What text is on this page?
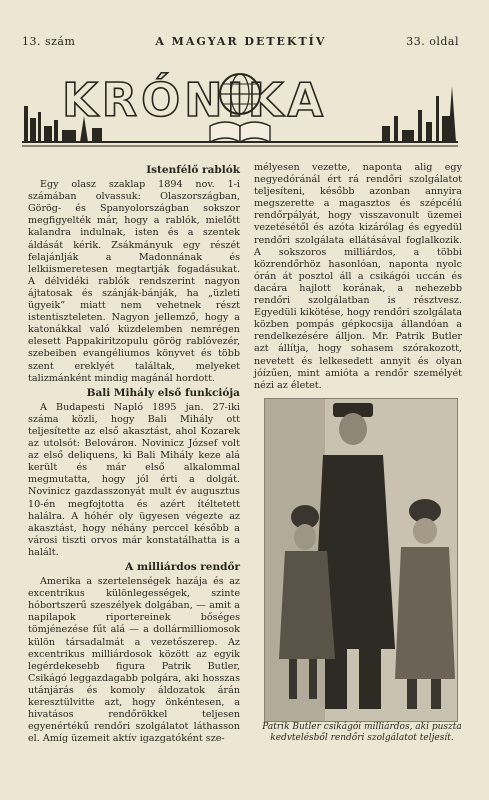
13. szám	A MAGYAR DETEKTÍV	33. oldal
KRÓNIKA
Istenfélő rablók

Egy olasz szaklap 1894 nov. 1-i számában olvassuk: Olaszországban, Görög- és Spanyolországban sokszor megfigyelték már, hogy a rablók, mielőtt kalandra indulnak, isten és a szentek áldását kérik. Zsákmányuk egy részét felajánlják a Madonnának és lelkiismeretesen megtartják fogadásukat. A délvidéki rablók rendszerint nagyon ájtatosak és szánják-bánják, ha „üzleti ügyeik” miatt nem vehetnek részt istentiszteleten. Nagyon jellemző, hogy a katonákkal való küzdelemben nemrégen elesett Pappakiritzopulu görög rablóvezér, szebeiben evangéliumos könyvet és több szent ereklyét találtak, melyeket talizmánként mindig magánál hordott.

Bali Mihály első funkciója

A Budapesti Napló 1895 jan. 27-iki száma közli, hogy Bali Mihály ott teljesítette az első akasztást, ahol Kozarek az utolsót: Belovárон. Novinicz József volt az első deliquens, ki Bali Mihály keze alá került és már első alkalommal megmutatta, hogy jól érti a dolgát. Novinicz gazdasszonyát mult év augusztus 10-én megfojtotta és azért ítéltetett halálra. A hóhér oly ügyesen végezte az akasztást, hogy néhány perccel később a városi tiszti orvos már konstatálhatta is a halált.

A milliárdos rendőr

Amerika a szertelenségek hazája és az excentrikus különlegességek, szinte hóbortszerű szeszélyek dolgában, — amit a napilapok riportereinek bőséges tömjénezése fűt alá — a dollármilliomosok külön társadalmát a vezetőszerep. Az excentrikus milliárdosok között az egyik legérdekesebb figura Patrik Butler, Csikágó leggazdagabb polgára, aki hosszas utánjárás és komoly áldozatok árán keresztülvitte azt, hogy önkéntesen, a hivatásos rendőrökkel teljesen egyenértékű rendőri szolgálatot láthasson el. Amíg üzemeit aktív igazgatóként sze-

mélyesen vezette, naponta alig egy negyedóránál ért rá rendőri szolgálatot teljesíteni, később azonban annyira megszerette a magasztos és szépcélú rendőrpályát, hogy visszavonult üzemei vezetésétől és azóta kizárólag és egyedül rendőri szolgálata ellátásával foglalkozik. A sokszoros milliárdos, a többi közrendőrhöz hasonlóan, naponta nyolc órán át posztol áll a csikágói uccán és dacára hajlott korának, a nehezebb rendőri szolgálatban is résztvesz. Egyedüli kikötése, hogy rendőri szolgálata közben pompás gépkocsija állandóan a rendelkezésére álljon. Mr. Patrik Butler azt állítja, hogy sohasem szórakozott, nevetett és lelkesedett annyit és olyan jóízűen, mint amióta a rendőr személyét nézi az életet.

Patrik Butler csikágói milliárdos, aki puszta kedvtelésből rendőri szolgálatot teljesít.
